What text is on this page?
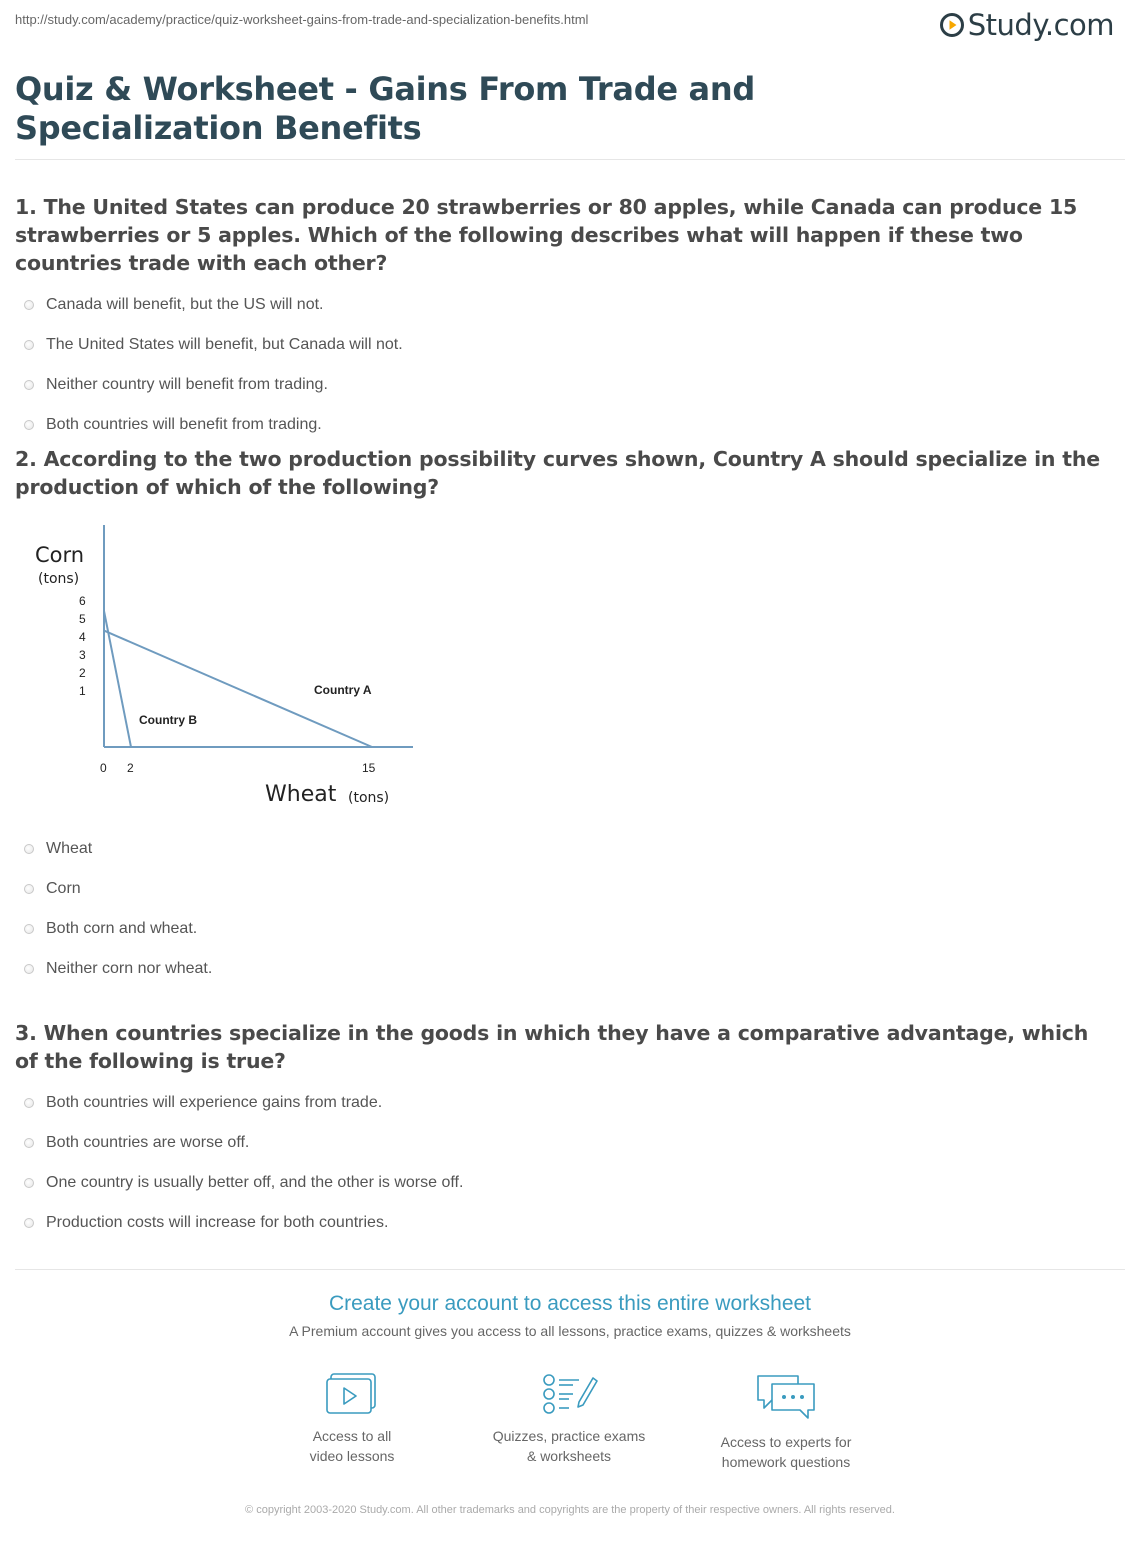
http://study.com/academy/practice/quiz-worksheet-gains-from-trade-and-specialization-benefits.html	Study.com
Quiz & Worksheet - Gains From Trade and Specialization Benefits

1. The United States can produce 20 strawberries or 80 apples, while Canada can produce 15 strawberries or 5 apples. Which of the following describes what will happen if these two countries trade with each other?

Canada will benefit, but the US will not.
The United States will benefit, but Canada will not.
Neither country will benefit from trading.
Both countries will benefit from trading.

2. According to the two production possibility curves shown, Country A should specialize in the production of which of the following?

Corn
(tons)
Wheat (tons)
6
5
4
3
2
1
0 2	15
Country A
Country B
Wheat
Corn
Both corn and wheat.
Neither corn nor wheat.

3. When countries specialize in the goods in which they have a comparative advantage, which of the following is true?

Both countries will experience gains from trade.
Both countries are worse off.
One country is usually better off, and the other is worse off.
Production costs will increase for both countries.
Create your account to access this entire worksheet
A Premium account gives you access to all lessons, practice exams, quizzes & worksheets
Access to all
video lessons
Quizzes, practice exams
& worksheets
Access to experts for
homework questions
© copyright 2003-2020 Study.com. All other trademarks and copyrights are the property of their respective owners. All rights reserved.
